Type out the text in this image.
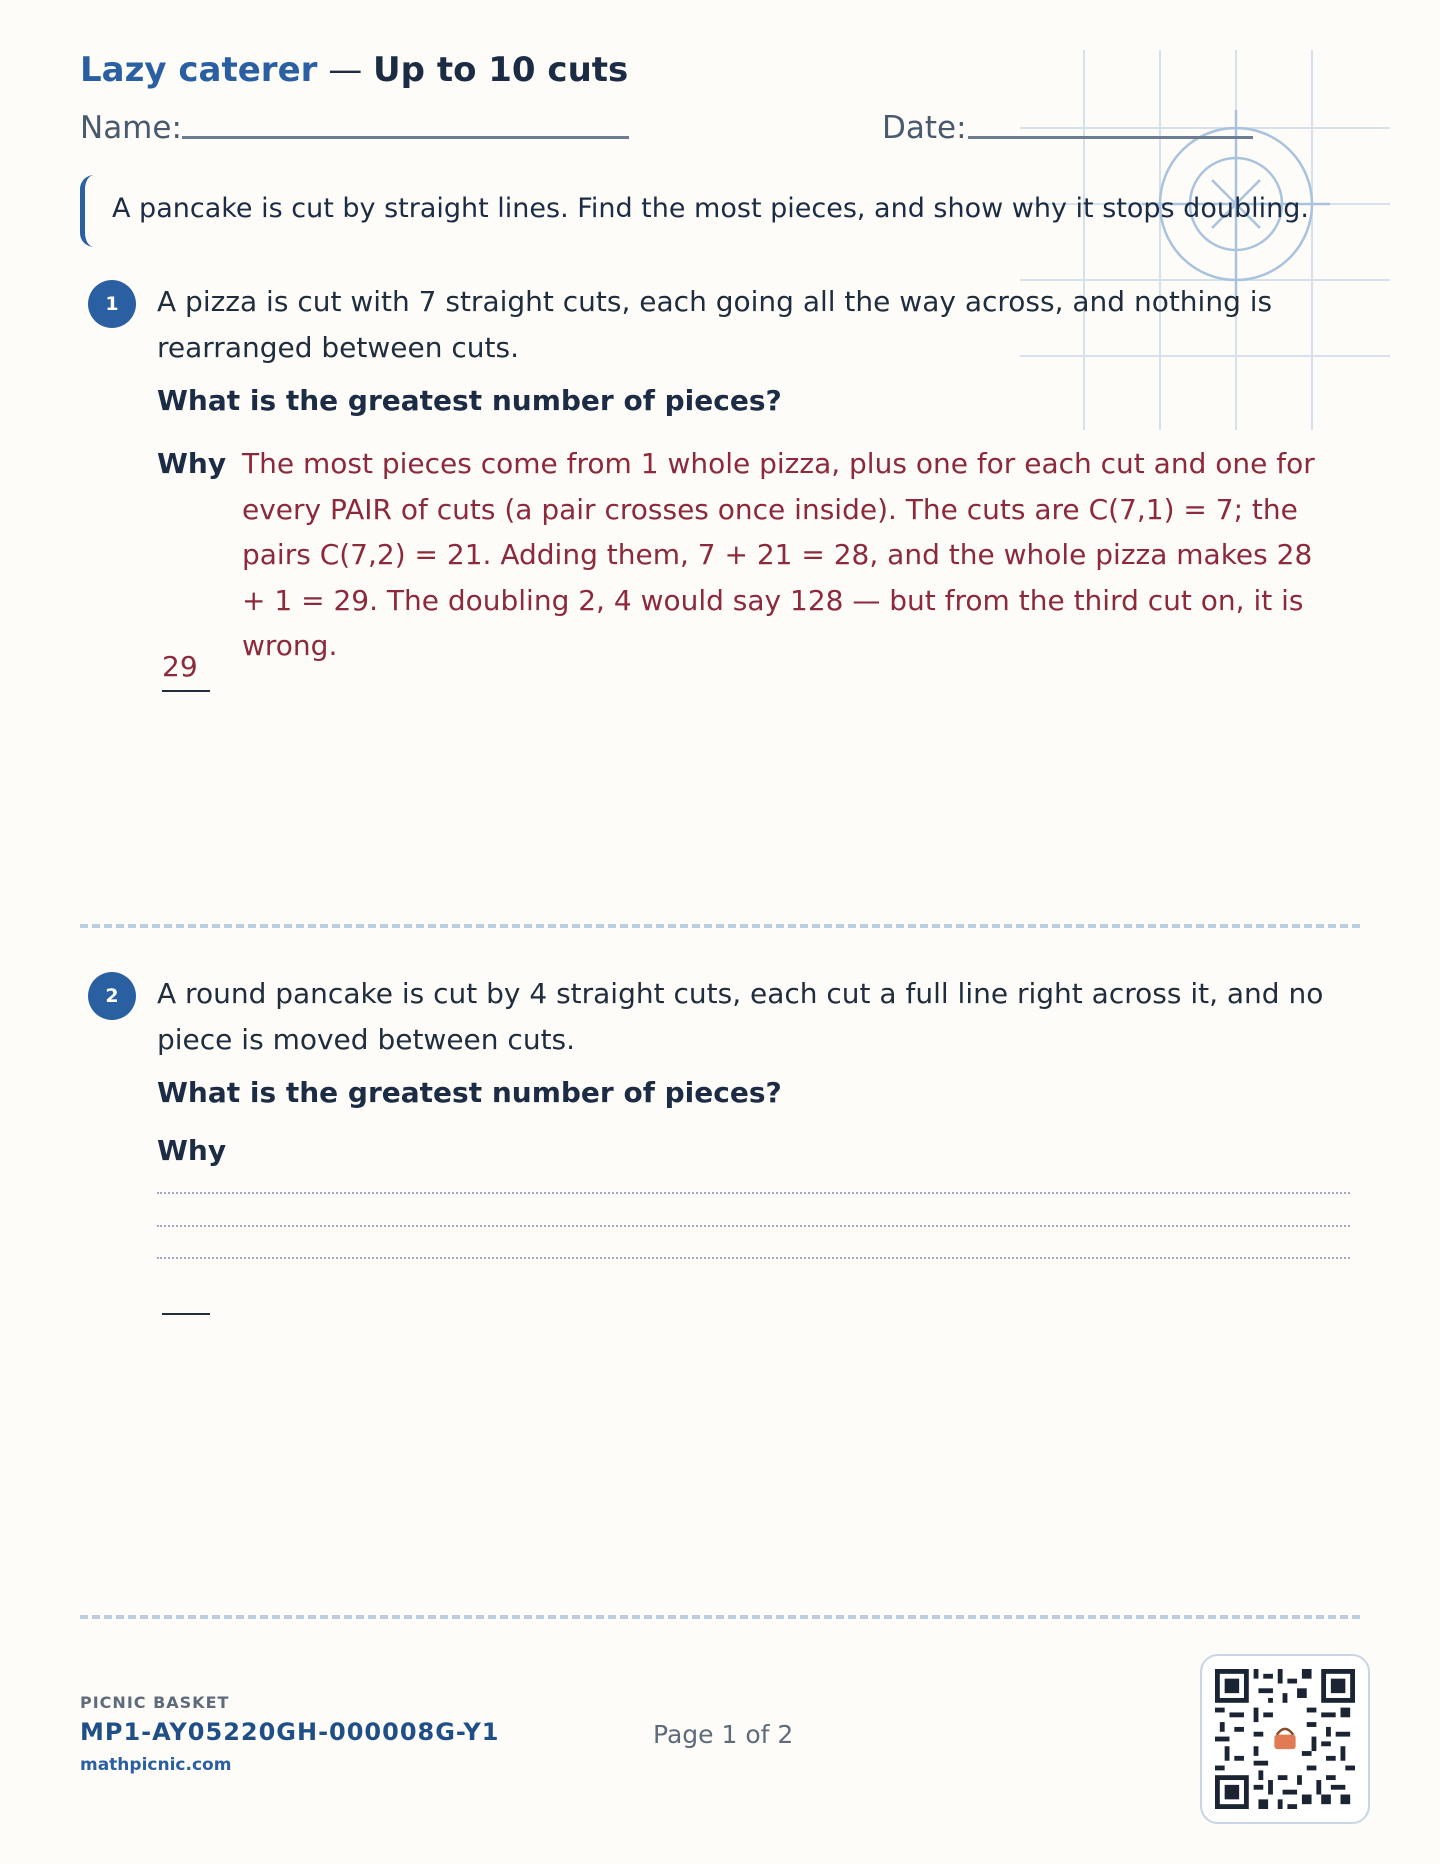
Lazy caterer — Up to 10 cuts
Name:	Date:
A pancake is cut by straight lines. Find the most pieces, and show why it stops doubling.
1	A pizza is cut with 7 straight cuts, each going all the way across, and nothing is rearranged between cuts.
What is the greatest number of pieces?
Why The most pieces come from 1 whole pizza, plus one for each cut and one for every PAIR of cuts (a pair crosses once inside). The cuts are C(7,1) = 7; the pairs C(7,2) = 21. Adding them, 7 + 21 = 28, and the whole pizza makes 28 + 1 = 29. The doubling 2, 4 would say 128 — but from the third cut on, it is wrong.
29
2	A round pancake is cut by 4 straight cuts, each cut a full line right across it, and no piece is moved between cuts.
What is the greatest number of pieces?
Why
PICNIC BASKET
MP1-AY05220GH-000008G-Y1
mathpicnic.com
Page 1 of 2
